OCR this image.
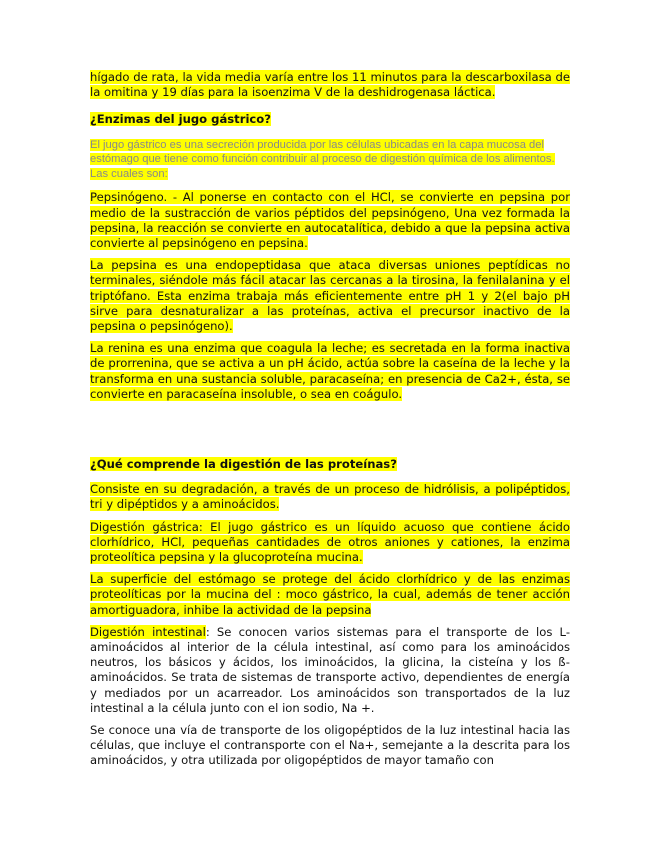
hígado de rata, la vida media varía entre los 11 minutos para la descarboxilasa de la omitina y 19 días para la isoenzima V de la deshidrogenasa láctica.

¿Enzimas del jugo gástrico?

El jugo gástrico es una secreción producida por las células ubicadas en la capa mucosa del estómago que tiene como función contribuir al proceso de digestión química de los alimentos. Las cuales son:

Pepsinógeno. - Al ponerse en contacto con el HCl, se convierte en pepsina por medio de la sustracción de varios péptidos del pepsinógeno, Una vez formada la pepsina, la reacción se convierte en autocatalítica, debido a que la pepsina activa convierte al pepsinógeno en pepsina.

La pepsina es una endopeptidasa que ataca diversas uniones peptídicas no terminales, siéndole más fácil atacar las cercanas a la tirosina, la fenilalanina y el triptófano. Esta enzima trabaja más eficientemente entre pH 1 y 2(el bajo pH sirve para desnaturalizar a las proteínas, activa el precursor inactivo de la pepsina o pepsinógeno).

La renina es una enzima que coagula la leche; es secretada en la forma inactiva de prorrenina, que se activa a un pH ácido, actúa sobre la caseína de la leche y la transforma en una sustancia soluble, paracaseína; en presencia de Ca2+, ésta, se convierte en paracaseína insoluble, o sea en coágulo.

¿Qué comprende la digestión de las proteínas?

Consiste en su degradación, a través de un proceso de hidrólisis, a polipéptidos, tri y dipéptidos y a aminoácidos.

Digestión gástrica: El jugo gástrico es un líquido acuoso que contiene ácido clorhídrico, HCl, pequeñas cantidades de otros aniones y cationes, la enzima proteolítica pepsina y la glucoproteína mucina.

La superficie del estómago se protege del ácido clorhídrico y de las enzimas proteolíticas por la mucina del : moco gástrico, la cual, además de tener acción amortiguadora, inhibe la actividad de la pepsina

Digestión intestinal: Se conocen varios sistemas para el transporte de los L-aminoácidos al interior de la célula intestinal, así como para los aminoácidos neutros, los básicos y ácidos, los iminoácidos, la glicina, la cisteína y los ß-aminoácidos. Se trata de sistemas de transporte activo, dependientes de energía y mediados por un acarreador. Los aminoácidos son transportados de la luz intestinal a la célula junto con el ion sodio, Na +.

Se conoce una vía de transporte de los oligopéptidos de la luz intestinal hacia las células, que incluye el contransporte con el Na+, semejante a la descrita para los aminoácidos, y otra utilizada por oligopéptidos de mayor tamaño con
